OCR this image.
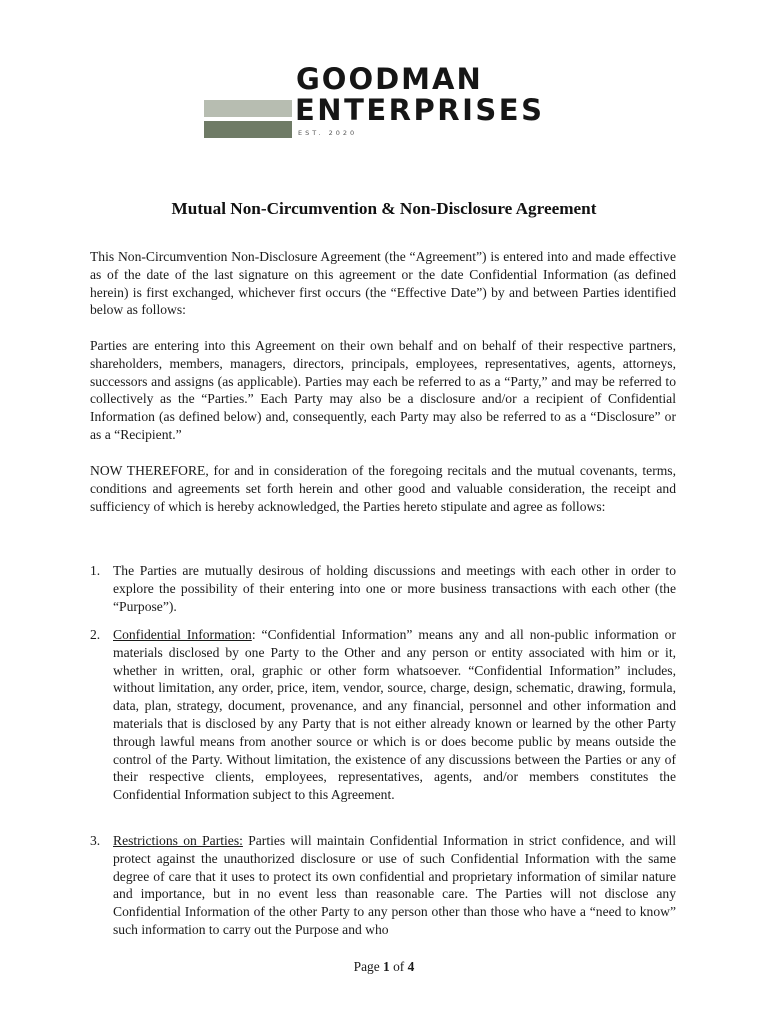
GOODMAN
ENTERPRISES
EST. 2020
Mutual Non-Circumvention & Non-Disclosure Agreement

This Non-Circumvention Non-Disclosure Agreement (the “Agreement”) is entered into and made effective as of the date of the last signature on this agreement or the date Confidential Information (as defined herein) is first exchanged, whichever first occurs (the “Effective Date”) by and between Parties identified below as follows:

Parties are entering into this Agreement on their own behalf and on behalf of their respective partners, shareholders, members, managers, directors, principals, employees, representatives, agents, attorneys, successors and assigns (as applicable). Parties may each be referred to as a “Party,” and may be referred to collectively as the “Parties.” Each Party may also be a disclosure and/or a recipient of Confidential Information (as defined below) and, consequently, each Party may also be referred to as a “Disclosure” or as a “Recipient.”

NOW THEREFORE, for and in consideration of the foregoing recitals and the mutual covenants, terms, conditions and agreements set forth herein and other good and valuable consideration, the receipt and sufficiency of which is hereby acknowledged, the Parties hereto stipulate and agree as follows:

1. The Parties are mutually desirous of holding discussions and meetings with each other in order to explore the possibility of their entering into one or more business transactions with each other (the “Purpose”).
2. Confidential Information: “Confidential Information” means any and all non-public information or materials disclosed by one Party to the Other and any person or entity associated with him or it, whether in written, oral, graphic or other form whatsoever. “Confidential Information” includes, without limitation, any order, price, item, vendor, source, charge, design, schematic, drawing, formula, data, plan, strategy, document, provenance, and any financial, personnel and other information and materials that is disclosed by any Party that is not either already known or learned by the other Party through lawful means from another source or which is or does become public by means outside the control of the Party. Without limitation, the existence of any discussions between the Parties or any of their respective clients, employees, representatives, agents, and/or members constitutes the Confidential Information subject to this Agreement.
3. Restrictions on Parties: Parties will maintain Confidential Information in strict confidence, and will protect against the unauthorized disclosure or use of such Confidential Information with the same degree of care that it uses to protect its own confidential and proprietary information of similar nature and importance, but in no event less than reasonable care. The Parties will not disclose any Confidential Information of the other Party to any person other than those who have a “need to know” such information to carry out the Purpose and who
Page 1 of 4
